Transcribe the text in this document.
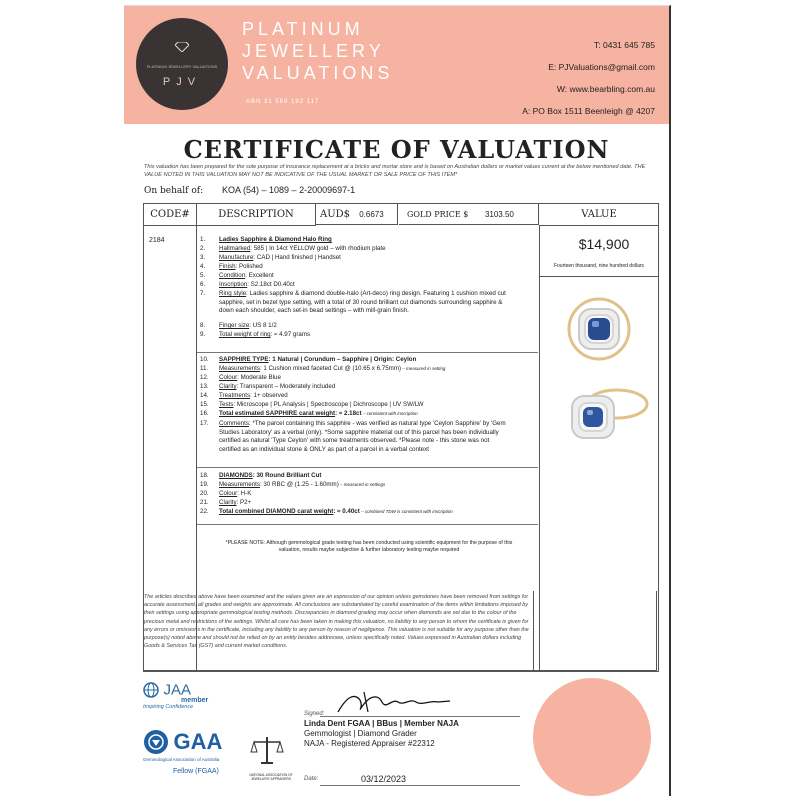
PLATINUM JEWELLERY VALUATIONS
PJV
PLATINUM
JEWELLERY
VALUATIONS
ABN 31 569 192 117
T: 0431 645 785
E: PJValuations@gmail.com
W: www.bearbling.com.au
A: PO Box 1511 Beenleigh @ 4207
CERTIFICATE OF VALUATION
This valuation has been prepared for the sole purpose of insurance replacement at a bricks and mortar store and is based on Australian dollars or market values current at the below mentioned date. THE VALUE NOTED IN THIS VALUATION MAY NOT BE INDICATIVE OF THE USUAL MARKET OR SALE PRICE OF THIS ITEM*
On behalf of: KOA (54) – 1089 – 2-20009697-1
CODE#	DESCRIPTION	AUD$ 0.6673	GOLD PRICE $ 3103.50	VALUE
2184	1. Ladies Sapphire & Diamond Halo Ring
2. Hallmarked: 585 | In 14ct YELLOW gold – with rhodium plate
3. Manufacture: CAD | Hand finished | Handset
4. Finish: Polished
5. Condition: Excellent
6. Inscription: S2.18ct D0.40ct
7. Ring style: Ladies sapphire & diamond double-halo (Art-deco) ring design. Featuring 1 cushion mixed cut sapphire, set in bezel type setting, with a total of 30 round brilliant cut diamonds surrounding sapphire & down each shoulder, each set-in bead settings – with mill-grain finish.
8. Finger size: US 8 1/2
9. Total weight of ring: ≈ 4.97 grams
10. SAPPHIRE TYPE: 1 Natural | Corundum – Sapphire | Origin: Ceylon
11. Measurements: 1 Cushion mixed faceted Cut @ (10.65 x 6.75mm) – measured in setting
12. Colour: Moderate Blue
13. Clarity: Transparent – Moderately included
14. Treatments: 1+ observed
15. Tests: Microscope | PL Analysis | Spectroscope | Dichroscope | UV SW/LW
16. Total estimated SAPPHIRE carat weight: ≈ 2.18ct – consistent with inscription
17. Comments: *The parcel containing this sapphire - was verified as natural type 'Ceylon Sapphire' by 'Gem Studies Laboratory' as a verbal (only). *Some sapphire material out of this parcel has been individually certified as natural 'Type Ceylon' with some treatments observed. *Please note - this stone was not certified as an individual stone & ONLY as part of a parcel in a verbal context
18. DIAMONDS: 30 Round Brilliant Cut
19. Measurements: 30 RBC @ (1.25 - 1.60mm) – measured in settings
20. Colour: H-K
21. Clarity: P2+
22. Total combined DIAMOND carat weight: ≈ 0.40ct – combined TDW is consistent with inscription
*PLEASE NOTE: Although gemmological grade testing has been conducted using scientific equipment for the purpose of this valuation, results maybe subjective & further laboratory testing maybe required
$14,900
Fourteen thousand, nine hundred dollars
The articles described above have been examined and the values given are an expression of our opinion unless gemstones have been removed from settings for accurate assessment, all grades and weights are approximate. All conclusions are substantiated by careful examination of the items within limitations imposed by their settings using appropriate gemmological testing methods. Discrepancies in diamond grading may occur when diamonds are set due to the colour of the precious metal and restrictions of the settings. Whilst all care has been taken in making this valuation, no liability to any person to whom the certificate is given for any errors or omissions in the certificate, including any liability to any person by reason of negligence. This valuation is not suitable for any purpose other than the purpose(s) noted above and should not be relied on by an entity besides addressee, unless specifically noted. Values expressed in Australian dollars including Goods & Services Tax (GST) and current market conditions.
JAA
member
Inspiring Confidence
GAA
Gemmological Association of Australia
Fellow (FGAA)	NATIONAL ASSOCIATION OF JEWELLERY APPRAISERS
Signed:
Linda Dent FGAA | BBus | Member NAJA
Gemmologist | Diamond Grader
NAJA - Registered Appraiser #22312
Date:	03/12/2023
